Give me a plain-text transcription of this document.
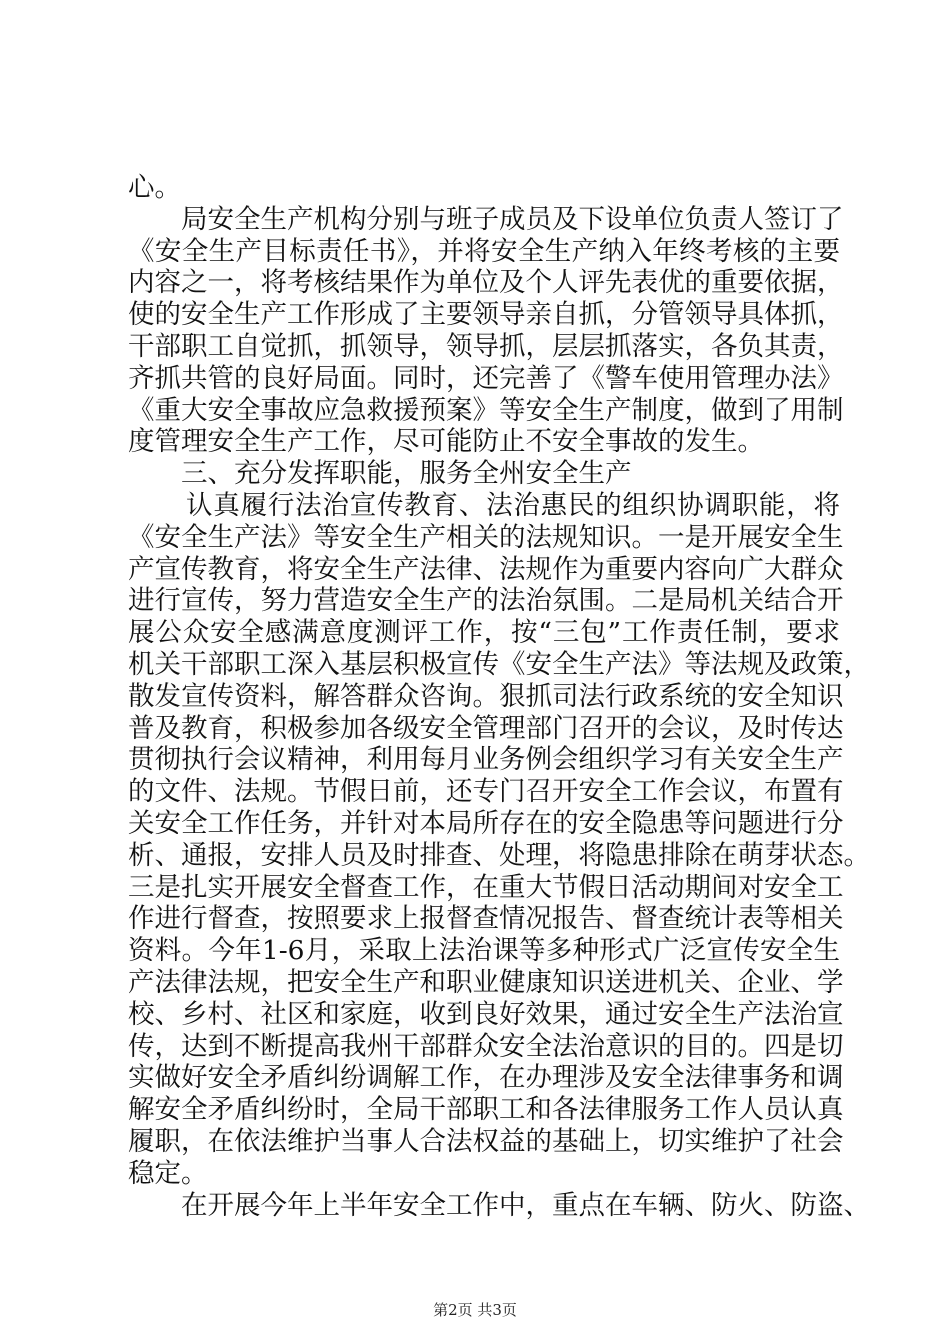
心。
局安全生产机构分别与班子成员及下设单位负责人签订了
《安全生产目标责任书》，并将安全生产纳入年终考核的主要
内容之一，将考核结果作为单位及个人评先表优的重要依据，
使的安全生产工作形成了主要领导亲自抓，分管领导具体抓，
干部职工自觉抓，抓领导，领导抓，层层抓落实，各负其责，
齐抓共管的良好局面。同时，还完善了《警车使用管理办法》
《重大安全事故应急救援预案》等安全生产制度，做到了用制
度管理安全生产工作，尽可能防止不安全事故的发生。
三、充分发挥职能，服务全州安全生产
认真履行法治宣传教育、法治惠民的组织协调职能，将
《安全生产法》等安全生产相关的法规知识。一是开展安全生
产宣传教育，将安全生产法律、法规作为重要内容向广大群众
进行宣传，努力营造安全生产的法治氛围。二是局机关结合开
展公众安全感满意度测评工作，按“三包”工作责任制，要求
机关干部职工深入基层积极宣传《安全生产法》等法规及政策，
散发宣传资料，解答群众咨询。狠抓司法行政系统的安全知识
普及教育，积极参加各级安全管理部门召开的会议，及时传达
贯彻执行会议精神，利用每月业务例会组织学习有关安全生产
的文件、法规。节假日前，还专门召开安全工作会议，布置有
关安全工作任务，并针对本局所存在的安全隐患等问题进行分
析、通报，安排人员及时排查、处理，将隐患排除在萌芽状态。
三是扎实开展安全督查工作，在重大节假日活动期间对安全工
作进行督查，按照要求上报督查情况报告、督查统计表等相关
资料。今年1-6月，采取上法治课等多种形式广泛宣传安全生
产法律法规，把安全生产和职业健康知识送进机关、企业、学
校、乡村、社区和家庭，收到良好效果，通过安全生产法治宣
传，达到不断提高我州干部群众安全法治意识的目的。四是切
实做好安全矛盾纠纷调解工作，在办理涉及安全法律事务和调
解安全矛盾纠纷时，全局干部职工和各法律服务工作人员认真
履职，在依法维护当事人合法权益的基础上，切实维护了社会
稳定。
在开展今年上半年安全工作中，重点在车辆、防火、防盗、
第2页 共3页
